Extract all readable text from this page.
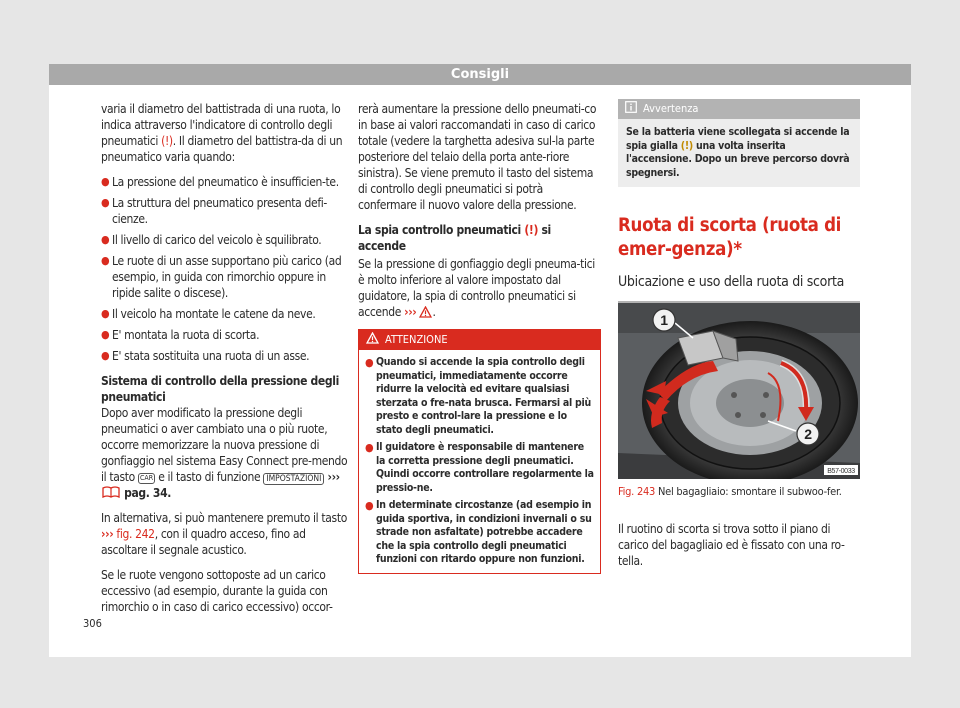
Consigli

varia il diametro del battistrada di una ruota, lo indica attraverso l'indicatore di controllo degli pneumatici (!). Il diametro del battistra-da di un pneumatico varia quando:

● La pressione del pneumatico è insufficien-te.
● La struttura del pneumatico presenta defi-cienze.
● Il livello di carico del veicolo è squilibrato.
● Le ruote di un asse supportano più carico (ad esempio, in guida con rimorchio oppure in ripide salite o discese).
● Il veicolo ha montate le catene da neve.
● E' montata la ruota di scorta.
● E' stata sostituita una ruota di un asse.
Sistema di controllo della pressione degli pneumatici

Dopo aver modificato la pressione degli pneumatici o aver cambiato una o più ruote, occorre memorizzare la nuova pressione di gonfiaggio nel sistema Easy Connect pre-mendo il tasto CAR e il tasto di funzione IMPOSTAZIONI ›››  pag. 34.

In alternativa, si può mantenere premuto il tasto ››› fig. 242, con il quadro acceso, fino ad ascoltare il segnale acustico.

Se le ruote vengono sottoposte ad un carico eccessivo (ad esempio, durante la guida con rimorchio o in caso di carico eccessivo) occor-

rerà aumentare la pressione dello pneumati-co in base ai valori raccomandati in caso di carico totale (vedere la targhetta adesiva sul-la parte posteriore del telaio della porta ante-riore sinistra). Se viene premuto il tasto del sistema di controllo degli pneumatici si potrà confermare il nuovo valore della pressione.

La spia controllo pneumatici (!) si accende

Se la pressione di gonfiaggio degli pneuma-tici è molto inferiore al valore impostato dal guidatore, la spia di controllo pneumatici si accende ››› .

ATTENZIONE
● Quando si accende la spia controllo degli pneumatici, immediatamente occorre ridurre la velocità ed evitare qualsiasi sterzata o fre-nata brusca. Fermarsi al più presto e control-lare la pressione e lo stato degli pneumatici.
● Il guidatore è responsabile di mantenere la corretta pressione degli pneumatici. Quindi occorre controllare regolarmente la pressio-ne.
● In determinate circostanze (ad esempio in guida sportiva, in condizioni invernali o su strade non asfaltate) potrebbe accadere che la spia controllo degli pneumatici funzioni con ritardo oppure non funzioni.
Avvertenza
Se la batteria viene scollegata si accende la spia gialla (!) una volta inserita l'accensione. Dopo un breve percorso dovrà spegnersi.
Ruota di scorta (ruota di emer-genza)*
Ubicazione e uso della ruota di scorta
1
2
B57-0033
Fig. 243 Nel bagagliaio: smontare il subwoo-fer.

Il ruotino di scorta si trova sotto il piano di carico del bagagliaio ed è fissato con una ro-tella.

306
